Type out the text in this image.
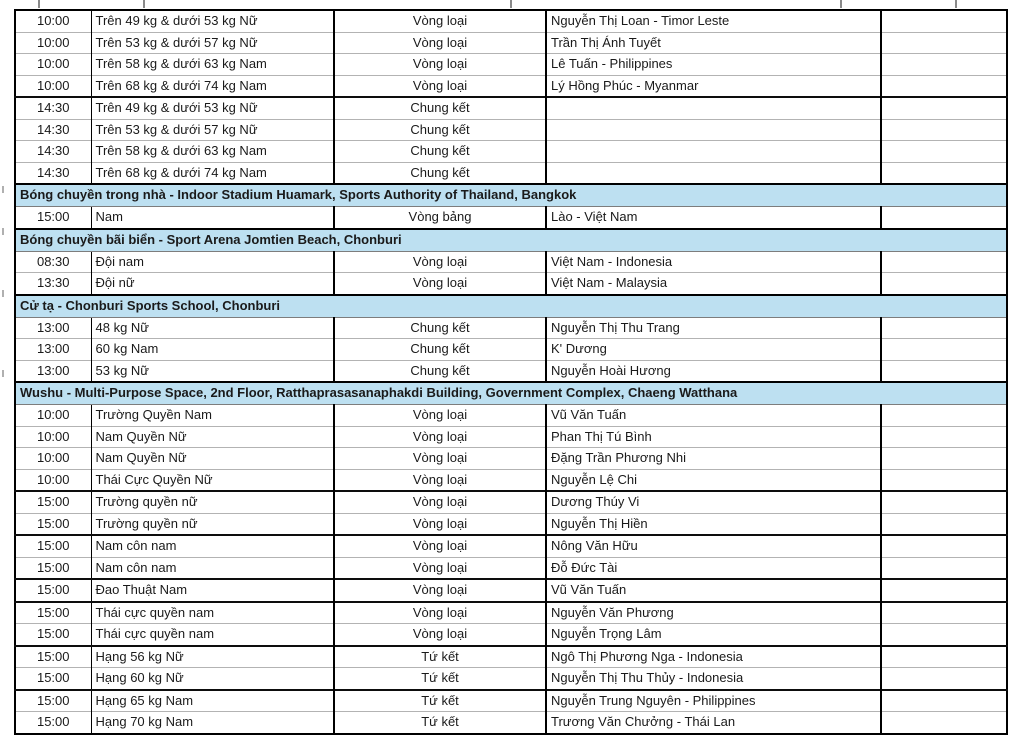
10:00	Trên 49 kg & dưới 53 kg Nữ	Vòng loại	Nguyễn Thị Loan - Timor Leste	
10:00	Trên 53 kg & dưới 57 kg Nữ	Vòng loại	Trần Thị Ánh Tuyết	
10:00	Trên 58 kg & dưới 63 kg Nam	Vòng loại	Lê Tuấn - Philippines	
10:00	Trên 68 kg & dưới 74 kg Nam	Vòng loại	Lý Hồng Phúc - Myanmar	
14:30	Trên 49 kg & dưới 53 kg Nữ	Chung kết		
14:30	Trên 53 kg & dưới 57 kg Nữ	Chung kết		
14:30	Trên 58 kg & dưới 63 kg Nam	Chung kết		
14:30	Trên 68 kg & dưới 74 kg Nam	Chung kết		
Bóng chuyền trong nhà - Indoor Stadium Huamark, Sports Authority of Thailand, Bangkok				
15:00	Nam	Vòng bảng	Lào - Việt Nam	
Bóng chuyền bãi biển - Sport Arena Jomtien Beach, Chonburi				
08:30	Đội nam	Vòng loại	Việt Nam - Indonesia	
13:30	Đội nữ	Vòng loại	Việt Nam - Malaysia	
Cử tạ - Chonburi Sports School, Chonburi				
13:00	48 kg Nữ	Chung kết	Nguyễn Thị Thu Trang	
13:00	60 kg Nam	Chung kết	K' Dương	
13:00	53 kg Nữ	Chung kết	Nguyễn Hoài Hương	
Wushu - Multi-Purpose Space, 2nd Floor, Ratthaprasasanaphakdi Building, Government Complex, Chaeng Watthana				
10:00	Trường Quyền Nam	Vòng loại	Vũ Văn Tuấn	
10:00	Nam Quyền Nữ	Vòng loại	Phan Thị Tú Bình	
10:00	Nam Quyền Nữ	Vòng loại	Đặng Trần Phương Nhi	
10:00	Thái Cực Quyền Nữ	Vòng loại	Nguyễn Lệ Chi	
15:00	Trường quyền nữ	Vòng loại	Dương Thúy Vi	
15:00	Trường quyền nữ	Vòng loại	Nguyễn Thị Hiền	
15:00	Nam côn nam	Vòng loại	Nông Văn Hữu	
15:00	Nam côn nam	Vòng loại	Đỗ Đức Tài	
15:00	Đao Thuật Nam	Vòng loại	Vũ Văn Tuấn	
15:00	Thái cực quyền nam	Vòng loại	Nguyễn Văn Phương	
15:00	Thái cực quyền nam	Vòng loại	Nguyễn Trọng Lâm	
15:00	Hạng 56 kg Nữ	Tứ kết	Ngô Thị Phương Nga - Indonesia	
15:00	Hạng 60 kg Nữ	Tứ kết	Nguyễn Thị Thu Thủy - Indonesia	
15:00	Hạng 65 kg Nam	Tứ kết	Nguyễn Trung Nguyên - Philippines	
15:00	Hạng 70 kg Nam	Tứ kết	Trương Văn Chưởng - Thái Lan	
